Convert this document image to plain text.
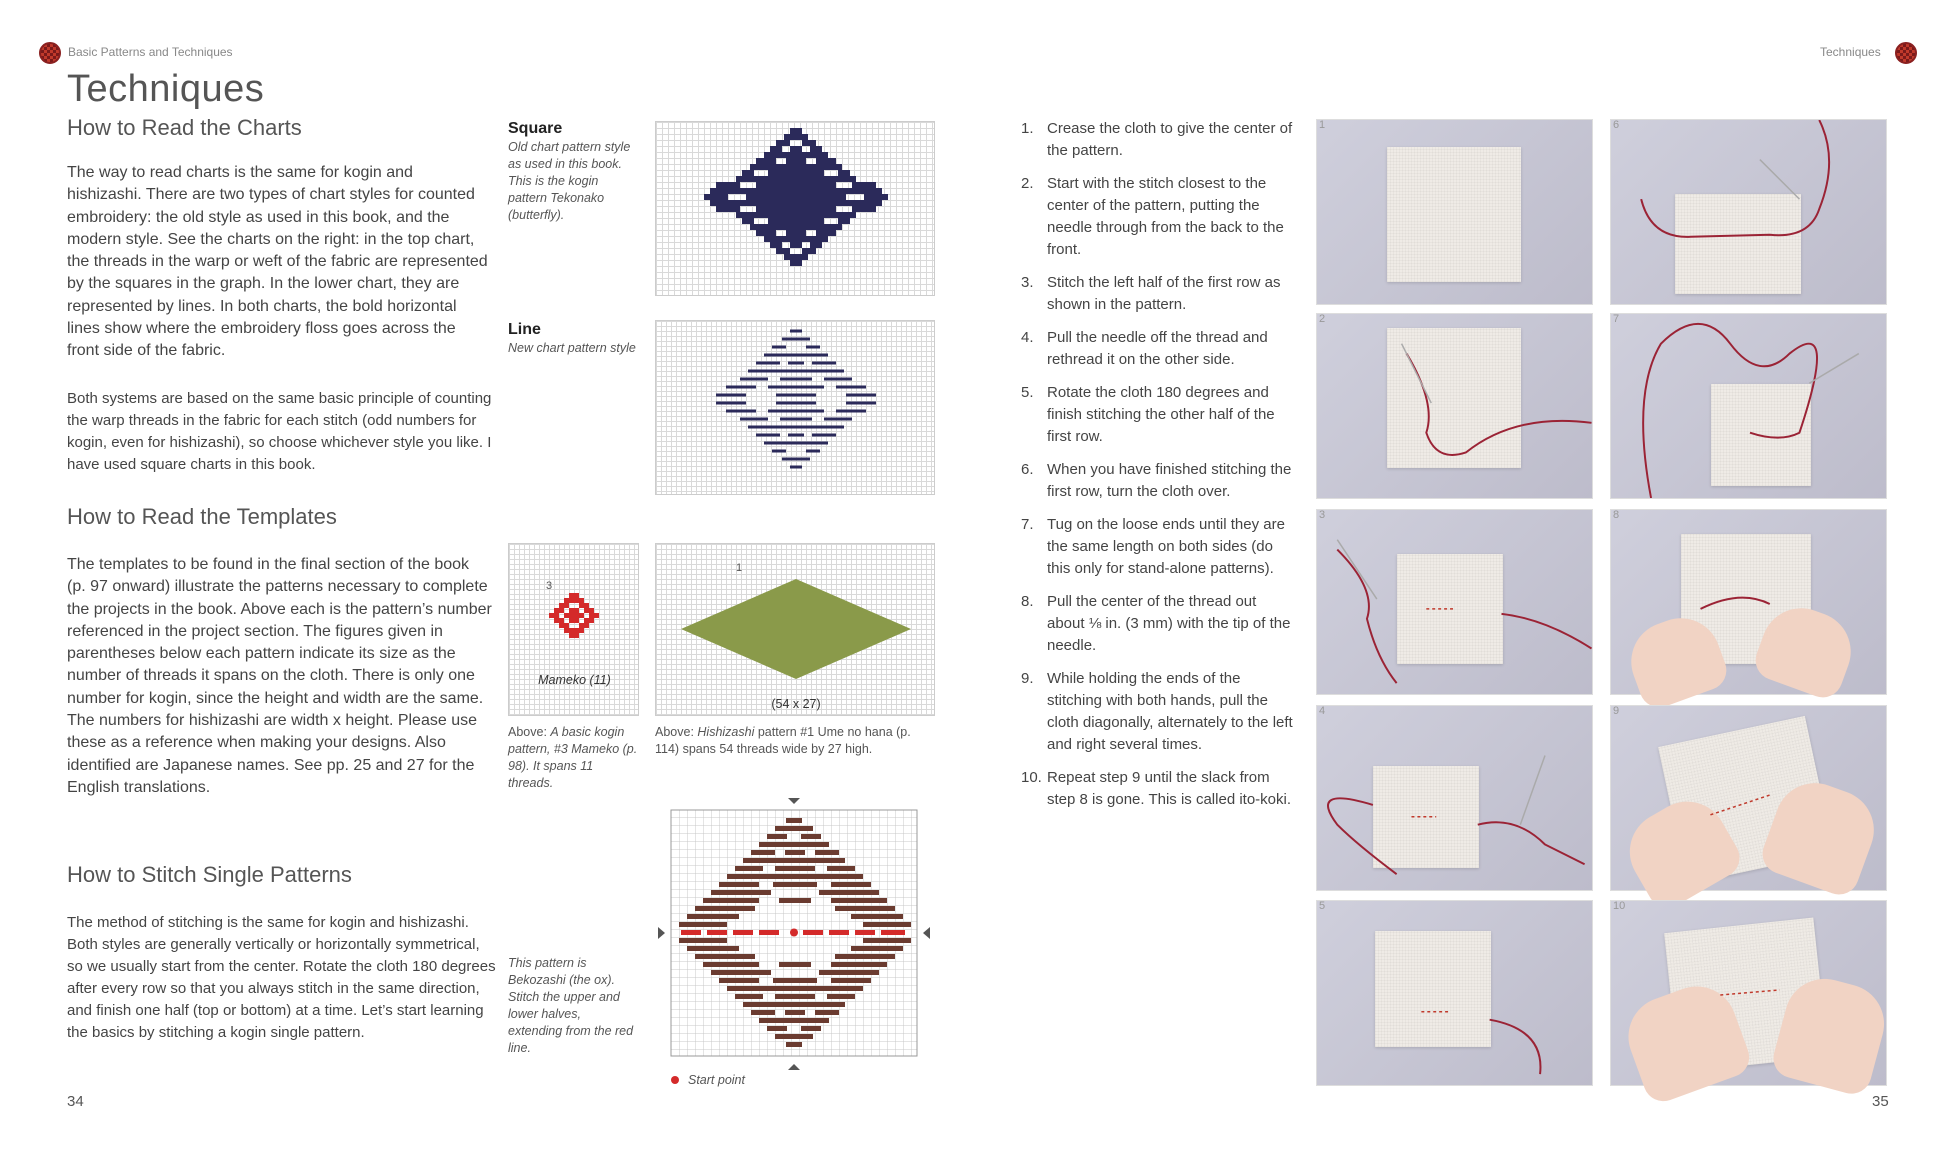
Basic Patterns and Techniques	Techniques
Techniques
How to Read the Charts
The way to read charts is the same for kogin and hishizashi. There are two types of chart styles for counted embroidery: the old style as used in this book, and the modern style. See the charts on the right: in the top chart, the threads in the warp or weft of the fabric are represented by the squares in the graph. In the lower chart, they are represented by lines. In both charts, the bold horizontal lines show where the embroidery floss goes across the front side of the fabric.
Both systems are based on the same basic principle of counting the warp threads in the fabric for each stitch (odd numbers for kogin, even for hishizashi), so choose whichever style you like. I have used square charts in this book.
How to Read the Templates
The templates to be found in the final section of the book (p. 97 onward) illustrate the patterns necessary to complete the projects in the book. Above each is the pattern’s number referenced in the project section. The figures given in parentheses below each pattern indicate its size as the number of threads it spans on the cloth. There is only one number for kogin, since the height and width are the same. The numbers for hishizashi are width x height. Please use these as a reference when making your designs. Also identified are Japanese names. See pp. 25 and 27 for the English translations.
How to Stitch Single Patterns
The method of stitching is the same for kogin and hishizashi. Both styles are generally vertically or horizontally symmetrical, so we usually start from the center. Rotate the cloth 180 degrees after every row so that you always stitch in the same direction, and finish one half (top or bottom) at a time. Let’s start learning the basics by stitching a kogin single pattern.
34
Square
Old chart pattern style as used in this book. This is the kogin pattern Tekonako (butterfly).
Line
New chart pattern style
3
Mameko (11)
Above: A basic kogin pattern, #3 Mameko (p. 98). It spans 11 threads.
1
(54 x 27)
Above: Hishizashi pattern #1 Ume no hana (p. 114) spans 54 threads wide by 27 high.
This pattern is Bekozashi (the ox). Stitch the upper and lower halves, extending from the red line.
Start point
1. Crease the cloth to give the center of the pattern.
2. Start with the stitch closest to the center of the pattern, putting the needle through from the back to the front.
3. Stitch the left half of the first row as shown in the pattern.
4. Pull the needle off the thread and rethread it on the other side.
5. Rotate the cloth 180 degrees and finish stitching the other half of the first row.
6. When you have finished stitching the first row, turn the cloth over.
7. Tug on the loose ends until they are the same length on both sides (do this only for stand-alone patterns).
8. Pull the center of the thread out about ⅛ in. (3 mm) with the tip of the needle.
9. While holding the ends of the stitching with both hands, pull the cloth diagonally, alternately to the left and right several times.
10. Repeat step 9 until the slack from step 8 is gone. This is called ito-koki.
1
2
3
4
5
6
7
8
9
10
35
